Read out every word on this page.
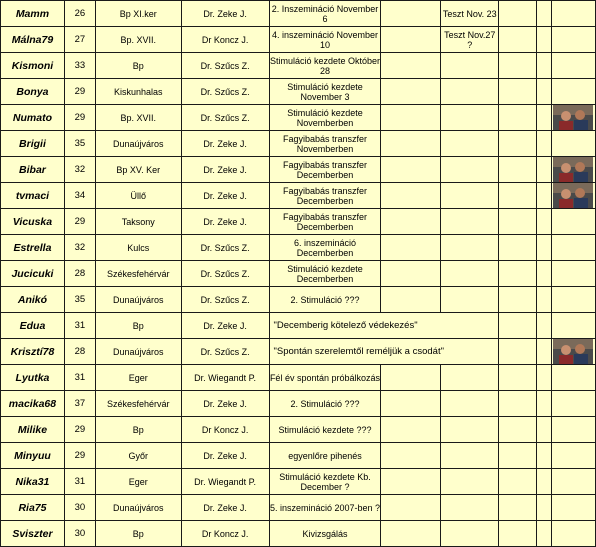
Mamm	26	Bp XI.ker	Dr. Zeke J.	2. Inszemináció November 6		Teszt Nov. 23			
Málna79	27	Bp. XVII.	Dr Koncz J.	4. inszemináció November 10		Teszt Nov.27 ?			
Kismoni	33	Bp	Dr. Szűcs Z.	Stimuláció kezdete Október 28					
Bonya	29	Kiskunhalas	Dr. Szűcs Z.	Stimuláció kezdete November 3					
Numato	29	Bp. XVII.	Dr. Szűcs Z.	Stimuláció kezdete Novemberben					

Brigii	35	Dunaújváros	Dr. Zeke J.	Fagyibabás transzfer Novemberben					
Bibar	32	Bp XV. Ker	Dr. Zeke J.	Fagyibabás transzfer Decemberben					

tvmaci	34	Üllő	Dr. Zeke J.	Fagyibabás transzfer Decemberben					

Vicuska	29	Taksony	Dr. Zeke J.	Fagyibabás transzfer Decemberben					
Estrella	32	Kulcs	Dr. Szűcs Z.	6. inszemináció Decemberben					
Jucicuki	28	Székesfehérvár	Dr. Szűcs Z.	Stimuláció kezdete Decemberben					
Anikó	35	Dunaújváros	Dr. Szűcs Z.	2. Stimuláció ???					
Edua	31	Bp	Dr. Zeke J.	"Decemberig kötelező védekezés"					
Krisztí78	28	Dunaújváros	Dr. Szűcs Z.	"Spontán szerelemtől reméljük a csodát"			

Lyutka	31	Eger	Dr. Wiegandt P.	Fél év spontán próbálkozás					
macika68	37	Székesfehérvár	Dr. Zeke J.	2. Stimuláció ???					
Milike	29	Bp	Dr Koncz J.	Stimuláció kezdete ???					
Minyuu	29	Győr	Dr. Zeke J.	egyenlőre pihenés					
Nika31	31	Eger	Dr. Wiegandt P.	Stimuláció kezdete Kb. December ?					
Ria75	30	Dunaújváros	Dr. Zeke J.	5. inszemináció 2007-ben ?					
Sviszter	30	Bp	Dr Koncz J.	Kivizsgálás					
